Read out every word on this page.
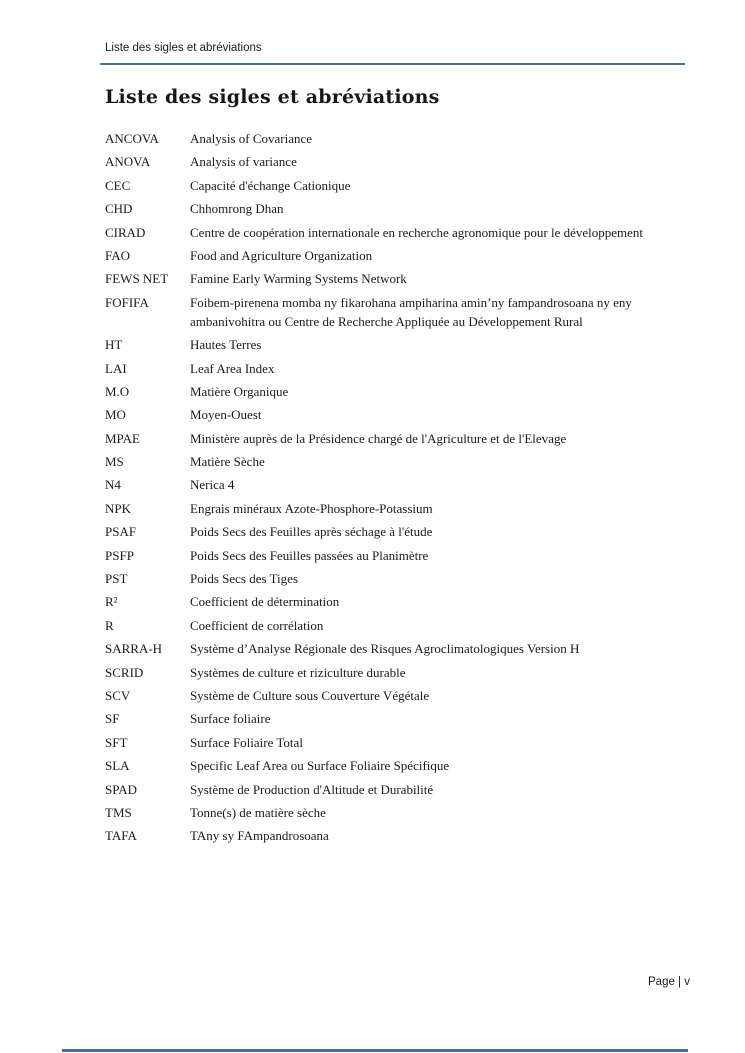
Liste des sigles et abréviations
Liste des sigles et abréviations
ANCOVA	Analysis of Covariance
ANOVA	Analysis of variance
CEC	Capacité d'échange Cationique
CHD	Chhomrong Dhan
CIRAD	Centre de coopération internationale en recherche agronomique pour le développement
FAO	Food and Agriculture Organization
FEWS NET	Famine Early Warming Systems Network
FOFIFA	Foibem-pirenena momba ny fikarohana ampiharina amin’ny fampandrosoana ny eny ambanivohitra ou Centre de Recherche Appliquée au Développement Rural
HT	Hautes Terres
LAI	Leaf Area Index
M.O	Matière Organique
MO	Moyen-Ouest
MPAE	Ministère auprès de la Présidence chargé de l'Agriculture et de l'Elevage
MS	Matière Sèche
N4	Nerica 4
NPK	Engrais minéraux Azote-Phosphore-Potassium
PSAF	Poids Secs des Feuilles après séchage à l'étude
PSFP	Poids Secs des Feuilles passées au Planimètre
PST	Poids Secs des Tiges
R²	Coefficient de détermination
R	Coefficient de corrélation
SARRA-H	Système d’Analyse Régionale des Risques Agroclimatologiques Version H
SCRID	Systèmes de culture et riziculture durable
SCV	Système de Culture sous Couverture Végétale
SF	Surface foliaire
SFT	Surface Foliaire Total
SLA	Specific Leaf Area ou Surface Foliaire Spécifique
SPAD	Système de Production d'Altitude et Durabilité
TMS	Tonne(s) de matière sèche
TAFA	TAny sy FAmpandrosoana
Page | v
